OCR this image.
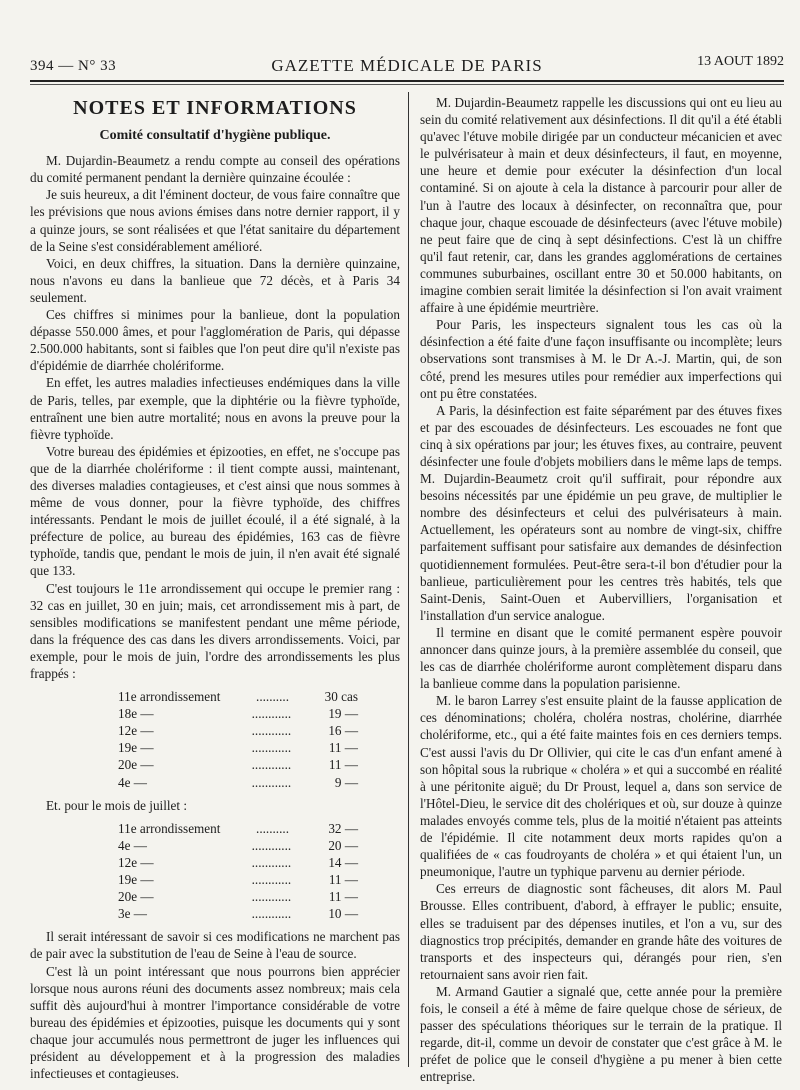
394 — N° 33	GAZETTE MÉDICALE DE PARIS	13 AOUT 1892
NOTES ET INFORMATIONS
Comité consultatif d'hygiène publique.

M. Dujardin-Beaumetz a rendu compte au conseil des opérations du comité permanent pendant la dernière quinzaine écoulée :

Je suis heureux, a dit l'éminent docteur, de vous faire connaître que les prévisions que nous avions émises dans notre dernier rapport, il y a quinze jours, se sont réalisées et que l'état sanitaire du département de la Seine s'est considérablement amélioré.

Voici, en deux chiffres, la situation. Dans la dernière quinzaine, nous n'avons eu dans la banlieue que 72 décès, et à Paris 34 seulement.

Ces chiffres si minimes pour la banlieue, dont la population dépasse 550.000 âmes, et pour l'agglomération de Paris, qui dépasse 2.500.000 habitants, sont si faibles que l'on peut dire qu'il n'existe pas d'épidémie de diarrhée cholériforme.

En effet, les autres maladies infectieuses endémiques dans la ville de Paris, telles, par exemple, que la diphtérie ou la fièvre typhoïde, entraînent une bien autre mortalité; nous en avons la preuve pour la fièvre typhoïde.

Votre bureau des épidémies et épizooties, en effet, ne s'occupe pas que de la diarrhée cholériforme : il tient compte aussi, maintenant, des diverses maladies contagieuses, et c'est ainsi que nous sommes à même de vous donner, pour la fièvre typhoïde, des chiffres intéressants. Pendant le mois de juillet écoulé, il a été signalé, à la préfecture de police, au bureau des épidémies, 163 cas de fièvre typhoïde, tandis que, pendant le mois de juin, il n'en avait été signalé que 133.

C'est toujours le 11e arrondissement qui occupe le premier rang : 32 cas en juillet, 30 en juin; mais, cet arrondissement mis à part, de sensibles modifications se manifestent pendant une même période, dans la fréquence des cas dans les divers arrondissements. Voici, par exemple, pour le mois de juin, l'ordre des arrondissements les plus frappés :

11e arrondissement	..........	30 cas
18e —	............	19 —
12e —	............	16 —
19e —	............	11 —
20e —	............	11 —
4e —	............	9 —

Et. pour le mois de juillet :

11e arrondissement	..........	32 —
4e —	............	20 —
12e —	............	14 —
19e —	............	11 —
20e —	............	11 —
3e —	............	10 —

Il serait intéressant de savoir si ces modifications ne marchent pas de pair avec la substitution de l'eau de Seine à l'eau de source.

C'est là un point intéressant que nous pourrons bien apprécier lorsque nous aurons réuni des documents assez nombreux; mais cela suffit dès aujourd'hui à montrer l'importance considérable de votre bureau des épidémies et épizooties, puisque les documents qui y sont chaque jour accumulés nous permettront de juger les influences qui président au développement et à la progression des maladies infectieuses et contagieuses.

M. Dujardin-Beaumetz rappelle les discussions qui ont eu lieu au sein du comité relativement aux désinfections. Il dit qu'il a été établi qu'avec l'étuve mobile dirigée par un conducteur mécanicien et avec le pulvérisateur à main et deux désinfecteurs, il faut, en moyenne, une heure et demie pour exécuter la désinfection d'un local contaminé. Si on ajoute à cela la distance à parcourir pour aller de l'un à l'autre des locaux à désinfecter, on reconnaîtra que, pour chaque jour, chaque escouade de désinfecteurs (avec l'étuve mobile) ne peut faire que de cinq à sept désinfections. C'est là un chiffre qu'il faut retenir, car, dans les grandes agglomérations de certaines communes suburbaines, oscillant entre 30 et 50.000 habitants, on imagine combien serait limitée la désinfection si l'on avait vraiment affaire à une épidémie meurtrière.

Pour Paris, les inspecteurs signalent tous les cas où la désinfection a été faite d'une façon insuffisante ou incomplète; leurs observations sont transmises à M. le Dr A.-J. Martin, qui, de son côté, prend les mesures utiles pour remédier aux imperfections qui ont pu être constatées.

A Paris, la désinfection est faite séparément par des étuves fixes et par des escouades de désinfecteurs. Les escouades ne font que cinq à six opérations par jour; les étuves fixes, au contraire, peuvent désinfecter une foule d'objets mobiliers dans le même laps de temps. M. Dujardin-Beaumetz croit qu'il suffirait, pour répondre aux besoins nécessités par une épidémie un peu grave, de multiplier le nombre des désinfecteurs et celui des pulvérisateurs à main. Actuellement, les opérateurs sont au nombre de vingt-six, chiffre parfaitement suffisant pour satisfaire aux demandes de désinfection quotidiennement formulées. Peut-être sera-t-il bon d'étudier pour la banlieue, particulièrement pour les centres très habités, tels que Saint-Denis, Saint-Ouen et Aubervilliers, l'organisation et l'installation d'un service analogue.

Il termine en disant que le comité permanent espère pouvoir annoncer dans quinze jours, à la première assemblée du conseil, que les cas de diarrhée cholériforme auront complètement disparu dans la banlieue comme dans la population parisienne.

M. le baron Larrey s'est ensuite plaint de la fausse application de ces dénominations; choléra, choléra nostras, cholérine, diarrhée cholériforme, etc., qui a été faite maintes fois en ces derniers temps. C'est aussi l'avis du Dr Ollivier, qui cite le cas d'un enfant amené à son hôpital sous la rubrique « choléra » et qui a succombé en réalité à une péritonite aiguë; du Dr Proust, lequel a, dans son service de l'Hôtel-Dieu, le service dit des cholériques et où, sur douze à quinze malades envoyés comme tels, plus de la moitié n'étaient pas atteints de l'épidémie. Il cite notamment deux morts rapides qu'on a qualifiées de « cas foudroyants de choléra » et qui étaient l'un, un pneumonique, l'autre un typhique parvenu au dernier période.

Ces erreurs de diagnostic sont fâcheuses, dit alors M. Paul Brousse. Elles contribuent, d'abord, à effrayer le public; ensuite, elles se traduisent par des dépenses inutiles, et l'on a vu, sur des diagnostics trop précipités, demander en grande hâte des voitures de transports et des inspecteurs qui, dérangés pour rien, s'en retournaient sans avoir rien fait.

M. Armand Gautier a signalé que, cette année pour la première fois, le conseil a été à même de faire quelque chose de sérieux, de passer des spéculations théoriques sur le terrain de la pratique. Il regarde, dit-il, comme un devoir de constater que c'est grâce à M. le préfet de police que le conseil d'hygiène a pu mener à bien cette entreprise.
